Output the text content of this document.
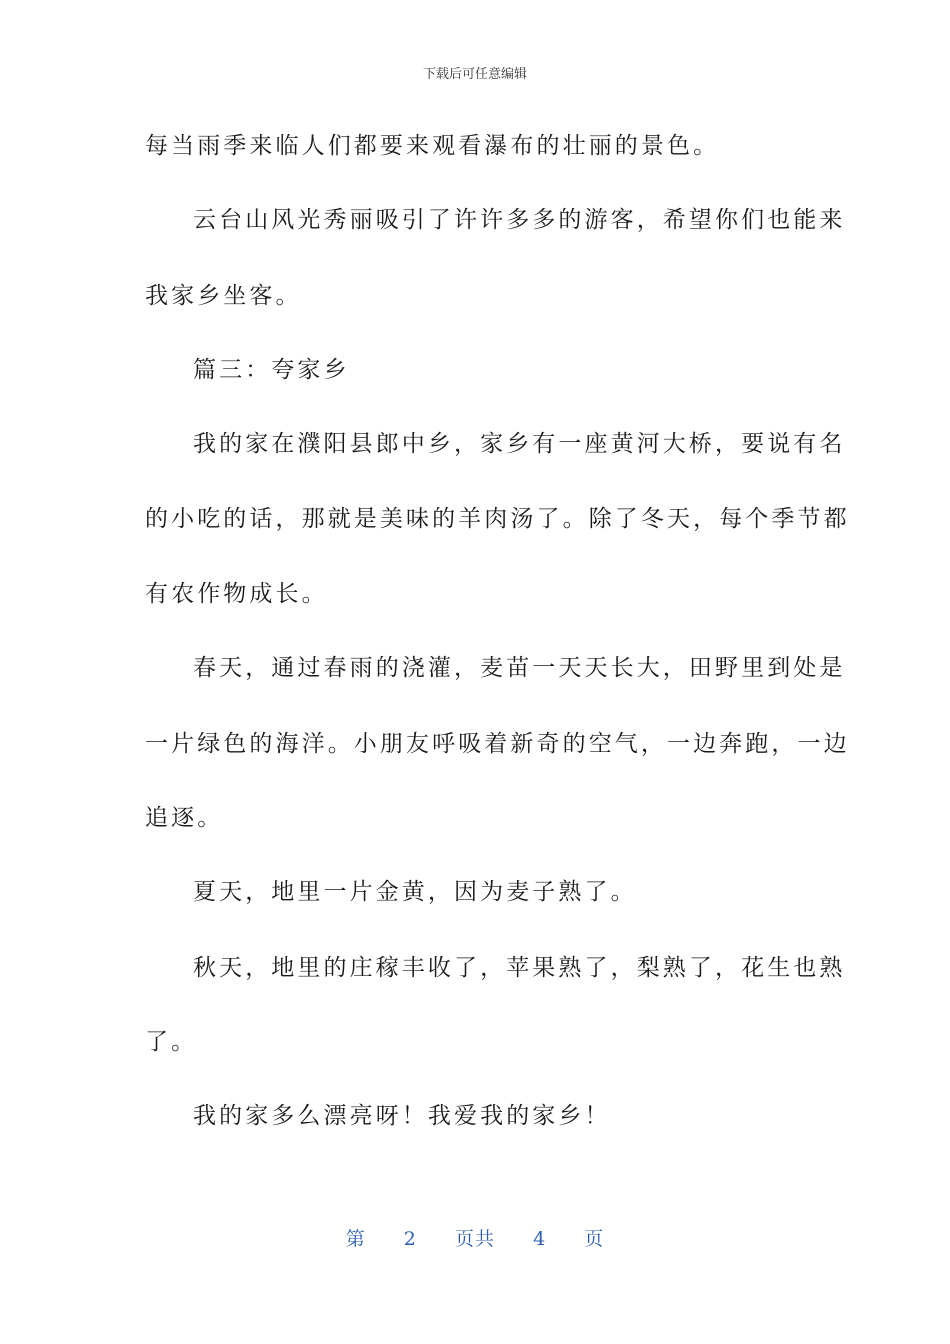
下载后可任意编辑
每当雨季来临人们都要来观看瀑布的壮丽的景色。
云台山风光秀丽吸引了许许多多的游客，希望你们也能来
我家乡坐客。
篇三：夸家乡
我的家在濮阳县郎中乡，家乡有一座黄河大桥，要说有名
的小吃的话，那就是美味的羊肉汤了。除了冬天，每个季节都
有农作物成长。
春天，通过春雨的浇灌，麦苗一天天长大，田野里到处是
一片绿色的海洋。小朋友呼吸着新奇的空气，一边奔跑，一边
追逐。
夏天，地里一片金黄，因为麦子熟了。
秋天，地里的庄稼丰收了，苹果熟了，梨熟了，花生也熟
了。
我的家多么漂亮呀！我爱我的家乡！
第 2 页共 4 页
